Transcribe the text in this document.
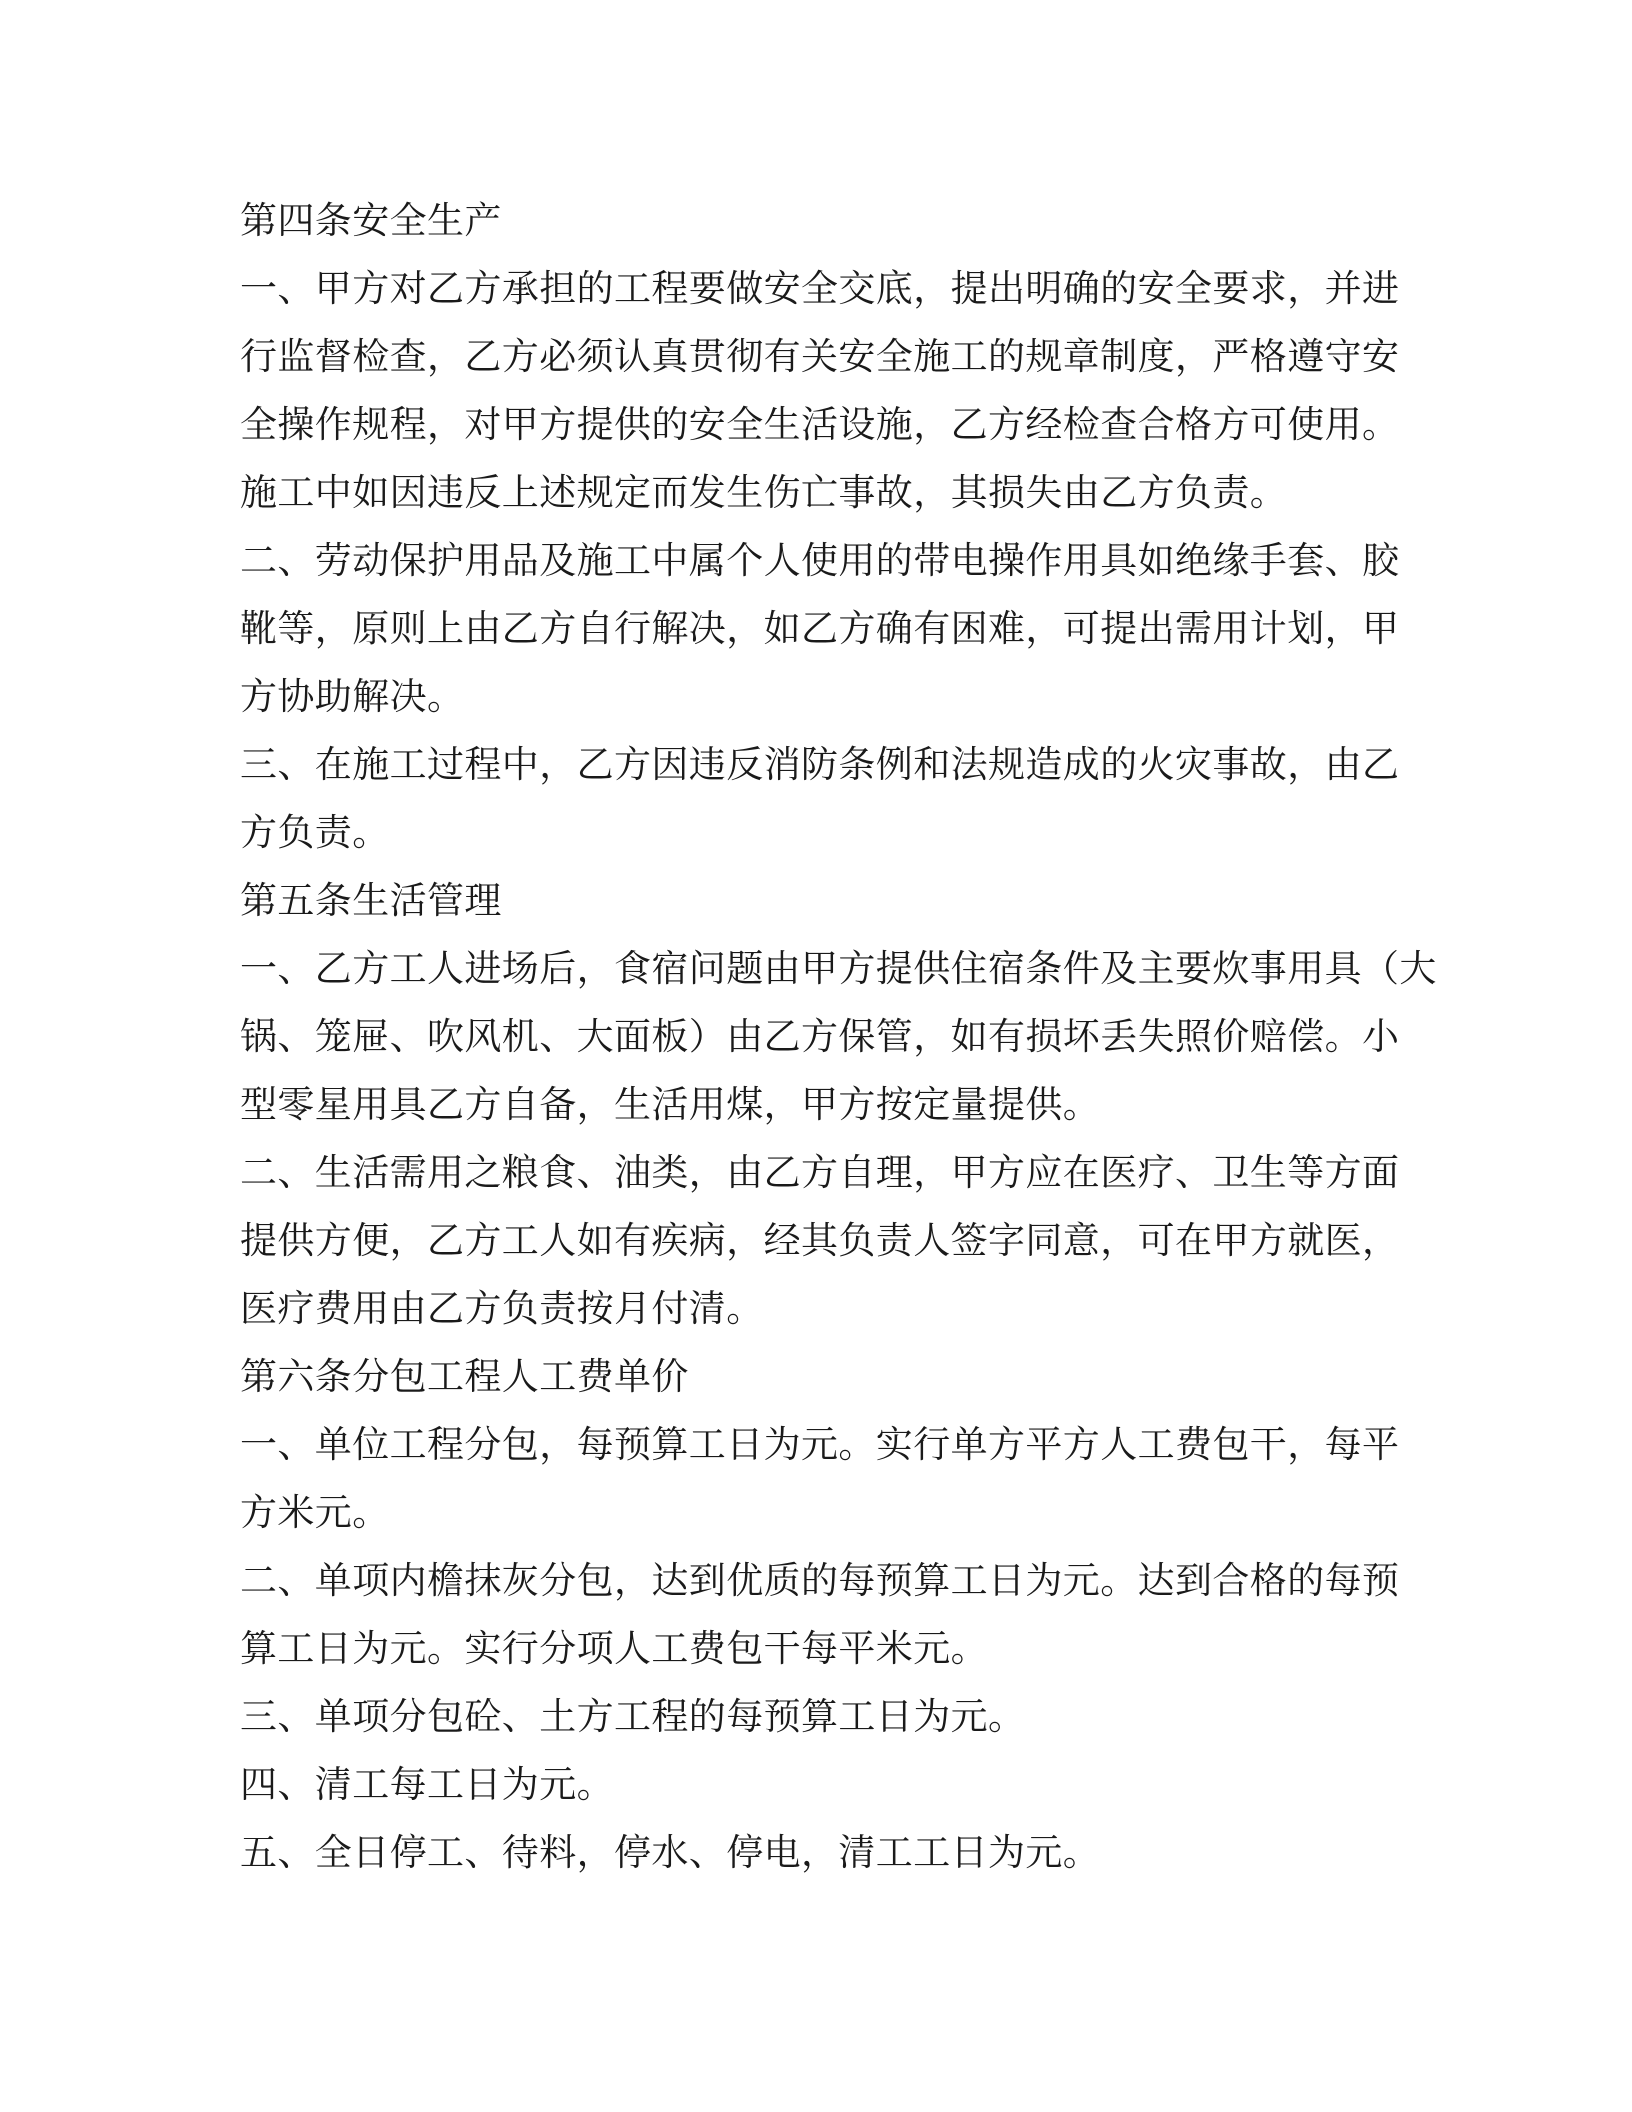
第四条安全生产
一、甲方对乙方承担的工程要做安全交底，提出明确的安全要求，并进
行监督检查，乙方必须认真贯彻有关安全施工的规章制度，严格遵守安
全操作规程，对甲方提供的安全生活设施，乙方经检查合格方可使用。
施工中如因违反上述规定而发生伤亡事故，其损失由乙方负责。
二、劳动保护用品及施工中属个人使用的带电操作用具如绝缘手套、胶
靴等，原则上由乙方自行解决，如乙方确有困难，可提出需用计划，甲
方协助解决。
三、在施工过程中，乙方因违反消防条例和法规造成的火灾事故，由乙
方负责。
第五条生活管理
一、乙方工人进场后，食宿问题由甲方提供住宿条件及主要炊事用具（大
锅、笼屉、吹风机、大面板）由乙方保管，如有损坏丢失照价赔偿。小
型零星用具乙方自备，生活用煤，甲方按定量提供。
二、生活需用之粮食、油类，由乙方自理，甲方应在医疗、卫生等方面
提供方便，乙方工人如有疾病，经其负责人签字同意，可在甲方就医，
医疗费用由乙方负责按月付清。
第六条分包工程人工费单价
一、单位工程分包，每预算工日为元。实行单方平方人工费包干，每平
方米元。
二、单项内檐抹灰分包，达到优质的每预算工日为元。达到合格的每预
算工日为元。实行分项人工费包干每平米元。
三、单项分包砼、土方工程的每预算工日为元。
四、清工每工日为元。
五、全日停工、待料，停水、停电，清工工日为元。
